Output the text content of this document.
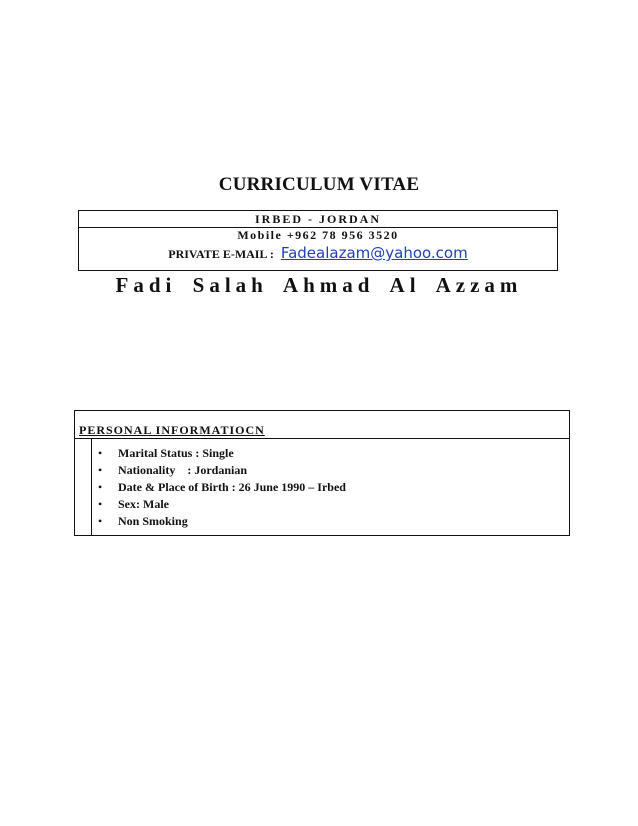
CURRICULUM VITAE
IRBED - JORDAN
Mobile +962 78 956 3520
PRIVATE E-MAIL : Fadealazam@yahoo.com
Fadi Salah Ahmad Al Azzam
PERSONAL INFORMATIOCN
• Marital Status : Single
• Nationality    : Jordanian
• Date & Place of Birth : 26 June 1990 – Irbed
• Sex: Male
• Non Smoking
